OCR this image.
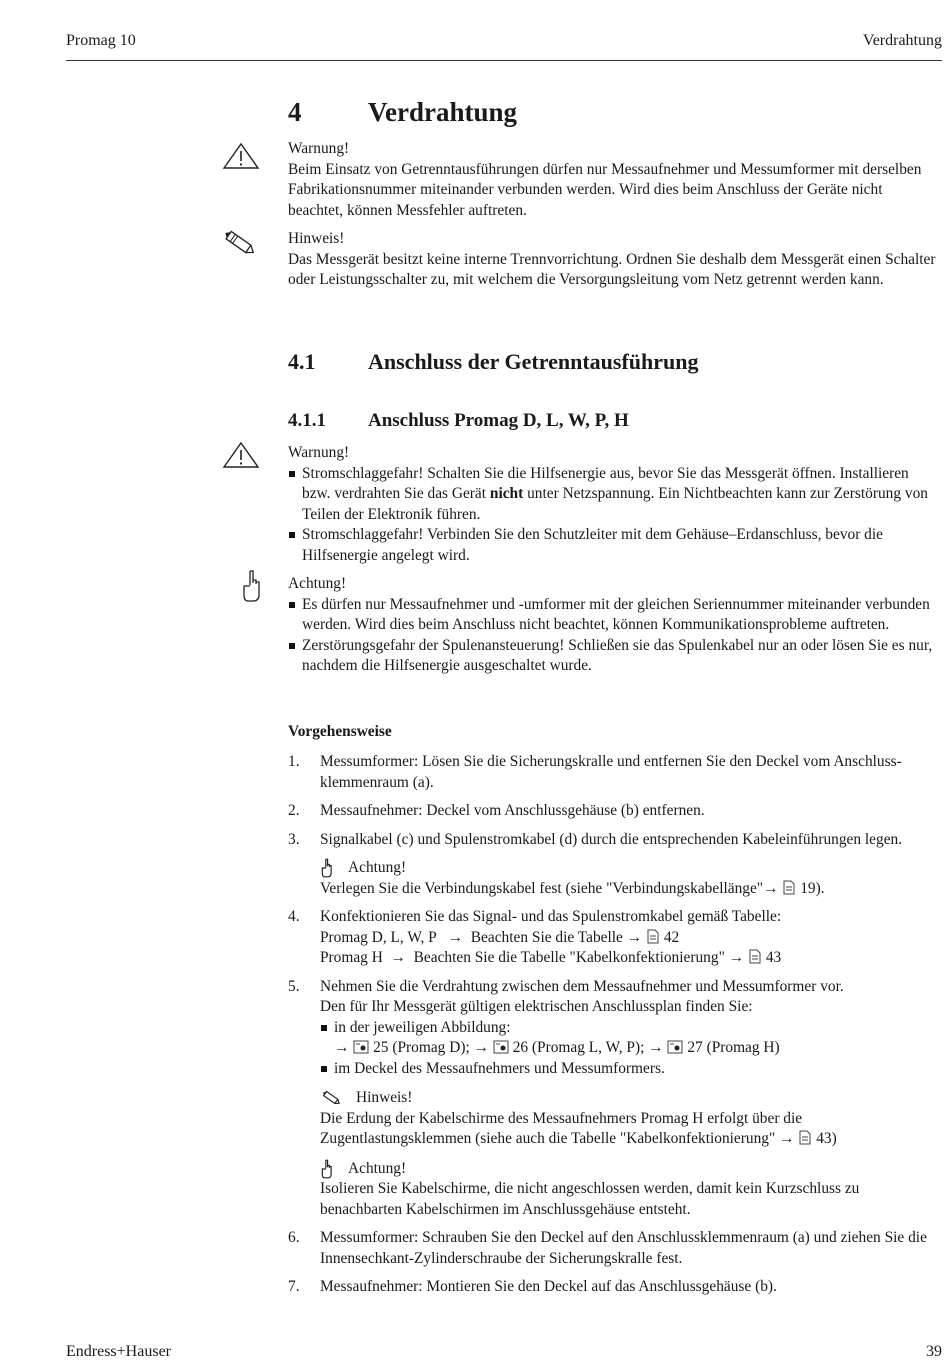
Promag 10	Verdrahtung
4 Verdrahtung

Warnung!

Beim Einsatz von Getrenntausführungen dürfen nur Messaufnehmer und Messumformer mit derselben Fabrikationsnummer miteinander verbunden werden. Wird dies beim Anschluss der Geräte nicht beachtet, können Messfehler auftreten.

Hinweis!

Das Messgerät besitzt keine interne Trennvorrichtung. Ordnen Sie deshalb dem Messgerät einen Schalter oder Leistungsschalter zu, mit welchem die Versorgungsleitung vom Netz getrennt werden kann.

4.1 Anschluss der Getrenntausführung
4.1.1 Anschluss Promag D, L, W, P, H

Warnung!

Stromschlaggefahr! Schalten Sie die Hilfsenergie aus, bevor Sie das Messgerät öffnen. Installieren bzw. verdrahten Sie das Gerät nicht unter Netzspannung. Ein Nichtbeachten kann zur Zerstörung von Teilen der Elektronik führen.

Stromschlaggefahr! Verbinden Sie den Schutzleiter mit dem Gehäuse–Erdanschluss, bevor die Hilfsenergie angelegt wird.

Achtung!

Es dürfen nur Messaufnehmer und -umformer mit der gleichen Seriennummer miteinander verbunden werden. Wird dies beim Anschluss nicht beachtet, können Kommunikationsprobleme auftreten.

Zerstörungsgefahr der Spulenansteuerung! Schließen sie das Spulenkabel nur an oder lösen Sie es nur, nachdem die Hilfsenergie ausgeschaltet wurde.

Vorgehensweise
1. Messumformer: Lösen Sie die Sicherungskralle und entfernen Sie den Deckel vom Anschlussklemmenraum (a).

2. Messaufnehmer: Deckel vom Anschlussgehäuse (b) entfernen.

3. Signalkabel (c) und Spulenstromkabel (d) durch die entsprechenden Kabeleinführungen legen.

Achtung!

Verlegen Sie die Verbindungskabel fest (siehe "Verbindungskabellänge"→ 19).

4. Konfektionieren Sie das Signal- und das Spulenstromkabel gemäß Tabelle:

Promag D, L, W, P → Beachten Sie die Tabelle → 42

Promag H → Beachten Sie die Tabelle "Kabelkonfektionierung" → 43

5. Nehmen Sie die Verdrahtung zwischen dem Messaufnehmer und Messumformer vor.

Den für Ihr Messgerät gültigen elektrischen Anschlussplan finden Sie:

in der jeweiligen Abbildung:

→ 25 (Promag D); → 26 (Promag L, W, P); → 27 (Promag H)

im Deckel des Messaufnehmers und Messumformers.

Hinweis!

Die Erdung der Kabelschirme des Messaufnehmers Promag H erfolgt über die Zugentlastungsklemmen (siehe auch die Tabelle "Kabelkonfektionierung" → 43)

Achtung!

Isolieren Sie Kabelschirme, die nicht angeschlossen werden, damit kein Kurzschluss zu benachbarten Kabelschirmen im Anschlussgehäuse entsteht.

6. Messumformer: Schrauben Sie den Deckel auf den Anschlussklemmenraum (a) und ziehen Sie die Innensechkant-Zylinderschraube der Sicherungskralle fest.

7. Messaufnehmer: Montieren Sie den Deckel auf das Anschlussgehäuse (b).

Endress+Hauser	39
